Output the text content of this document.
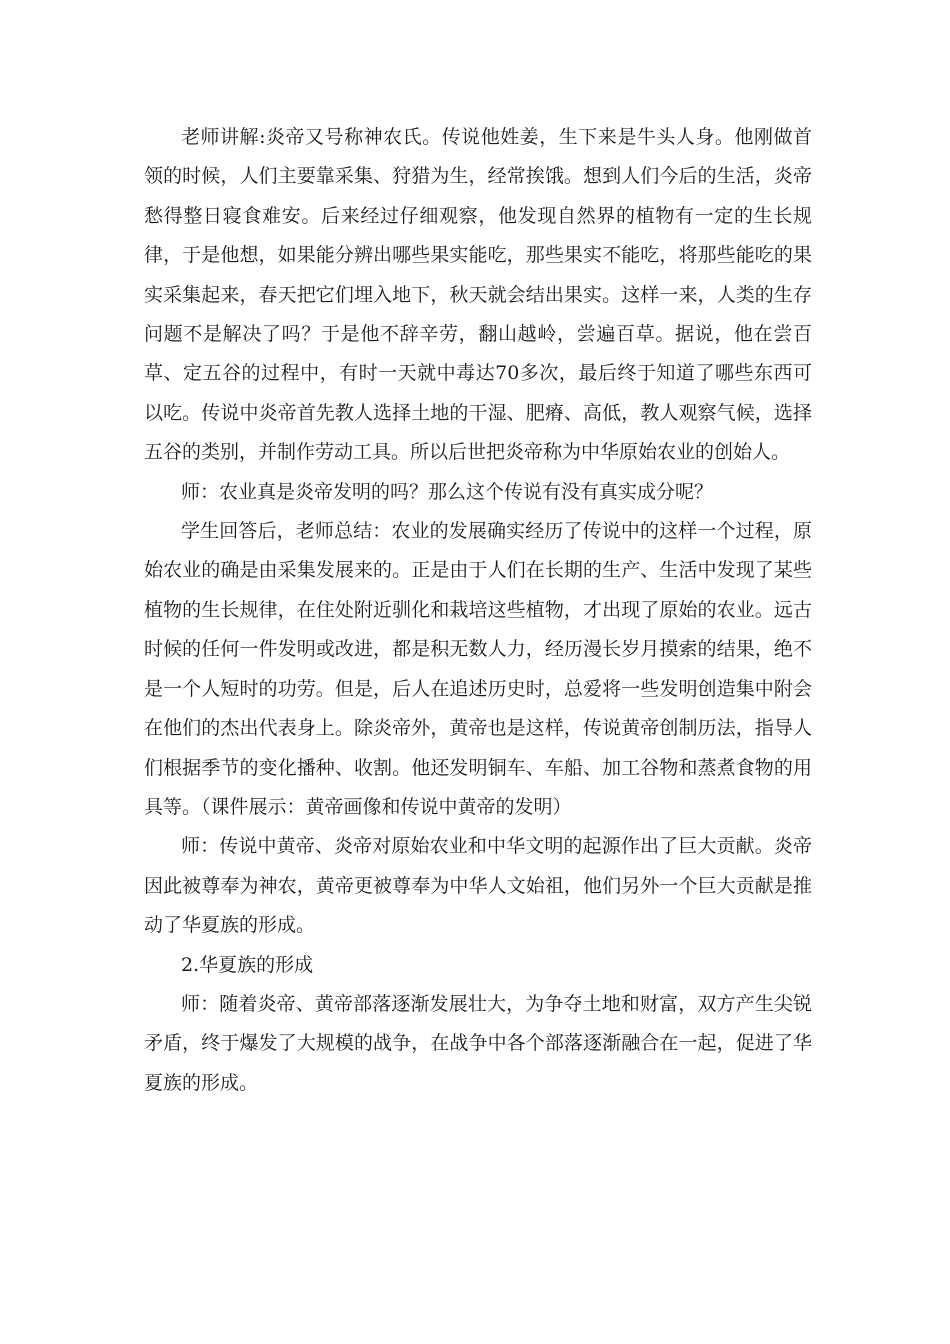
老师讲解:炎帝又号称神农氏。传说他姓姜，生下来是牛头人身。他刚做首领的时候，人们主要靠采集、狩猎为生，经常挨饿。想到人们今后的生活，炎帝愁得整日寝食难安。后来经过仔细观察，他发现自然界的植物有一定的生长规律，于是他想，如果能分辨出哪些果实能吃，那些果实不能吃，将那些能吃的果实采集起来，春天把它们埋入地下，秋天就会结出果实。这样一来，人类的生存问题不是解决了吗？于是他不辞辛劳，翻山越岭，尝遍百草。据说，他在尝百草、定五谷的过程中，有时一天就中毒达70多次，最后终于知道了哪些东西可以吃。传说中炎帝首先教人选择土地的干湿、肥瘠、高低，教人观察气候，选择五谷的类别，并制作劳动工具。所以后世把炎帝称为中华原始农业的创始人。

师：农业真是炎帝发明的吗？那么这个传说有没有真实成分呢？

学生回答后，老师总结：农业的发展确实经历了传说中的这样一个过程，原始农业的确是由采集发展来的。正是由于人们在长期的生产、生活中发现了某些植物的生长规律，在住处附近驯化和栽培这些植物，才出现了原始的农业。远古时候的任何一件发明或改进，都是积无数人力，经历漫长岁月摸索的结果，绝不是一个人短时的功劳。但是，后人在追述历史时，总爱将一些发明创造集中附会在他们的杰出代表身上。除炎帝外，黄帝也是这样，传说黄帝创制历法，指导人们根据季节的变化播种、收割。他还发明铜车、车船、加工谷物和蒸煮食物的用具等。（课件展示：黄帝画像和传说中黄帝的发明）

师：传说中黄帝、炎帝对原始农业和中华文明的起源作出了巨大贡献。炎帝因此被尊奉为神农，黄帝更被尊奉为中华人文始祖，他们另外一个巨大贡献是推动了华夏族的形成。

2.华夏族的形成

师：随着炎帝、黄帝部落逐渐发展壮大，为争夺土地和财富，双方产生尖锐矛盾，终于爆发了大规模的战争，在战争中各个部落逐渐融合在一起，促进了华夏族的形成。
